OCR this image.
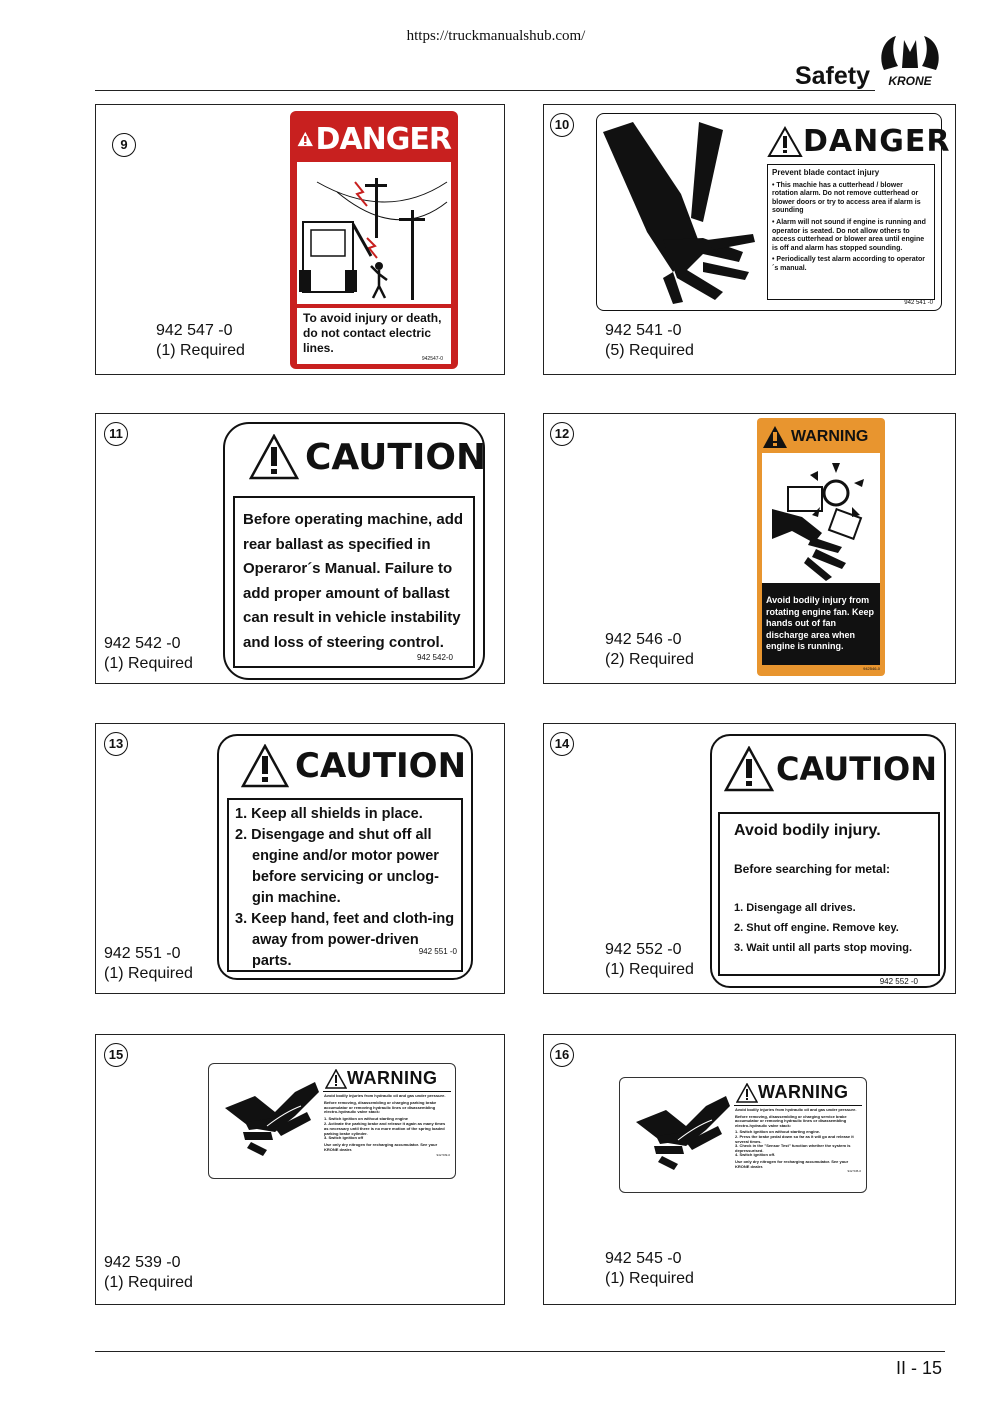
https://truckmanualshub.com/
Safety KRONE
9
942 547 -0
(1) Required
DANGER
To avoid injury or death, do not contact electric lines.
942547-0
10
942 541 -0
(5) Required
DANGER
Prevent blade contact injury
• This machie has a cutterhead / blower rotation alarm. Do not remove cutterhead or blower doors or try to access area if alarm is sounding
• Alarm will not sound if engine is running and operator is seated. Do not allow others to access cutterhead or blower area until engine is off and alarm has stopped sounding.
• Periodically test alarm according to operator´s manual.
942 541 -0
11
942 542 -0
(1) Required
CAUTION
Before operating machine, add rear ballast as specified in Operaror´s Manual. Failure to add proper amount of ballast can result in vehicle instability and loss of steering control.
942 542-0
12
942 546 -0
(2) Required
WARNING
Avoid bodily injury from rotating engine fan. Keep hands out of fan discharge area when engine is running.
942546-0
13
942 551 -0
(1) Required
CAUTION
1. Keep all shields in place.
2. Disengage and shut off all engine and/or motor power before servicing or unclog-gin machine.
3. Keep hand, feet and cloth-ing away from power-driven parts.
942 551 -0
14
942 552 -0
(1) Required
CAUTION
Avoid bodily injury.
Before searching for metal:
1. Disengage all drives.
2. Shut off engine. Remove key.
3. Wait until all parts stop moving.
942 552 -0
15
942 539 -0
(1) Required
WARNING
Avoid bodily injuries from hydraulic oil and gas under pressure.
Before removing, disassembling or charging parking brake accumulator or removing hydraulic lines or disassembling electro-hydraulic valve stack:
1. Switch ignition on without starting engine
2. Activate the parking brake and release it again as many times as necessary until there is no more motion of the spring loaded parking brake cylinder.
3. Switch ignition off
Use only dry nitrogen for recharging accumulator. See your KRONE dealer.
942 539-0
16
942 545 -0
(1) Required
WARNING
Avoid bodily injuries from hydraulic oil and gas under pressure.
Before removing, disassembling or charging service brake accumulator or removing hydraulic lines or disassembling electro-hydraulic valve stack:
1. Switch ignition on without starting engine.
2. Press the brake pedal down so far as it will go and release it several times.
3. Check in the "Sensor Test" function whether the system is depressurised.
4. Switch ignition off.
Use only dry nitrogen for recharging accumulator. See your KRONE dealer.
942 545-0
II - 15
